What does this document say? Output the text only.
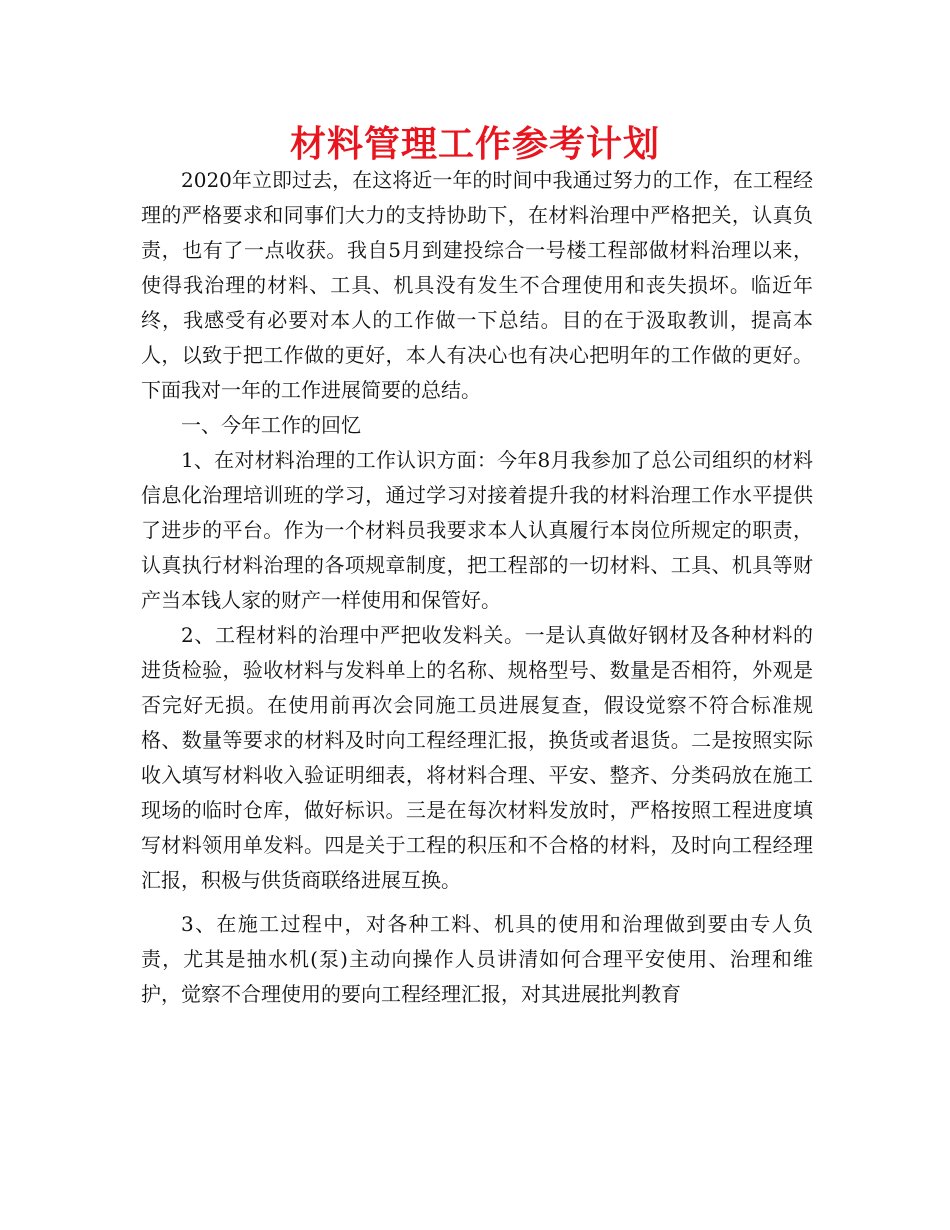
材料管理工作参考计划

2020年立即过去，在这将近一年的时间中我通过努力的工作，在工程经理的严格要求和同事们大力的支持协助下，在材料治理中严格把关，认真负责，也有了一点收获。我自5月到建投综合一号楼工程部做材料治理以来，使得我治理的材料、工具、机具没有发生不合理使用和丧失损坏。临近年终，我感受有必要对本人的工作做一下总结。目的在于汲取教训，提高本人，以致于把工作做的更好，本人有决心也有决心把明年的工作做的更好。下面我对一年的工作进展简要的总结。

一、今年工作的回忆

1、在对材料治理的工作认识方面：今年8月我参加了总公司组织的材料信息化治理培训班的学习，通过学习对接着提升我的材料治理工作水平提供了进步的平台。作为一个材料员我要求本人认真履行本岗位所规定的职责，认真执行材料治理的各项规章制度，把工程部的一切材料、工具、机具等财产当本钱人家的财产一样使用和保管好。

2、工程材料的治理中严把收发料关。一是认真做好钢材及各种材料的进货检验，验收材料与发料单上的名称、规格型号、数量是否相符，外观是否完好无损。在使用前再次会同施工员进展复查，假设觉察不符合标准规格、数量等要求的材料及时向工程经理汇报，换货或者退货。二是按照实际收入填写材料收入验证明细表，将材料合理、平安、整齐、分类码放在施工现场的临时仓库，做好标识。三是在每次材料发放时，严格按照工程进度填写材料领用单发料。四是关于工程的积压和不合格的材料，及时向工程经理汇报，积极与供货商联络进展互换。

3、在施工过程中，对各种工料、机具的使用和治理做到要由专人负责，尤其是抽水机(泵)主动向操作人员讲清如何合理平安使用、治理和维护，觉察不合理使用的要向工程经理汇报，对其进展批判教育
